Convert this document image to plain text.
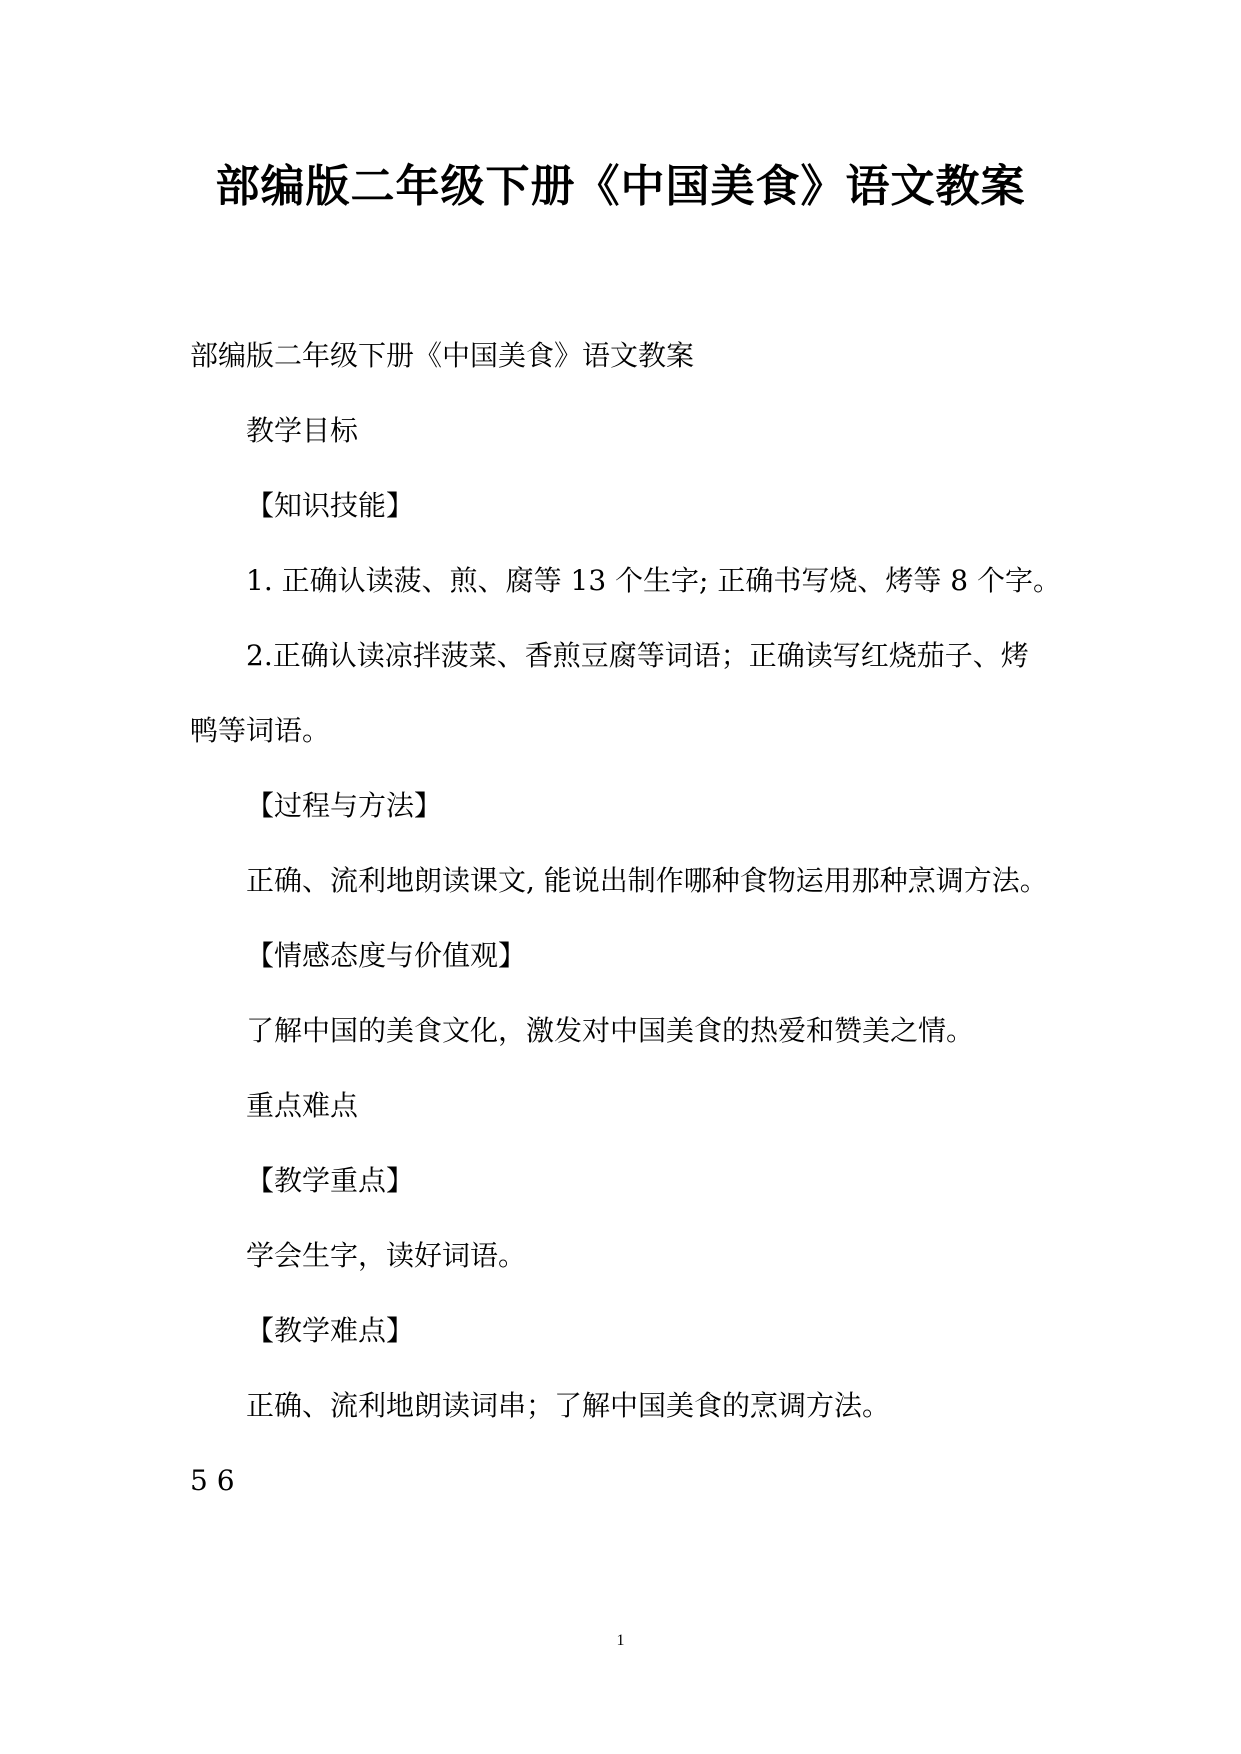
部编版二年级下册《中国美食》语文教案
部编版二年级下册《中国美食》语文教案
教学目标
【知识技能】
1. 正确认读菠、煎、腐等 13 个生字; 正确书写烧、烤等 8 个字。
2.正确认读凉拌菠菜、香煎豆腐等词语；正确读写红烧茄子、烤
鸭等词语。
【过程与方法】
正确、流利地朗读课文, 能说出制作哪种食物运用那种烹调方法。
【情感态度与价值观】
了解中国的美食文化，激发对中国美食的热爱和赞美之情。
重点难点
【教学重点】
学会生字，读好词语。
【教学难点】
正确、流利地朗读词串；了解中国美食的烹调方法。
5 6
1
